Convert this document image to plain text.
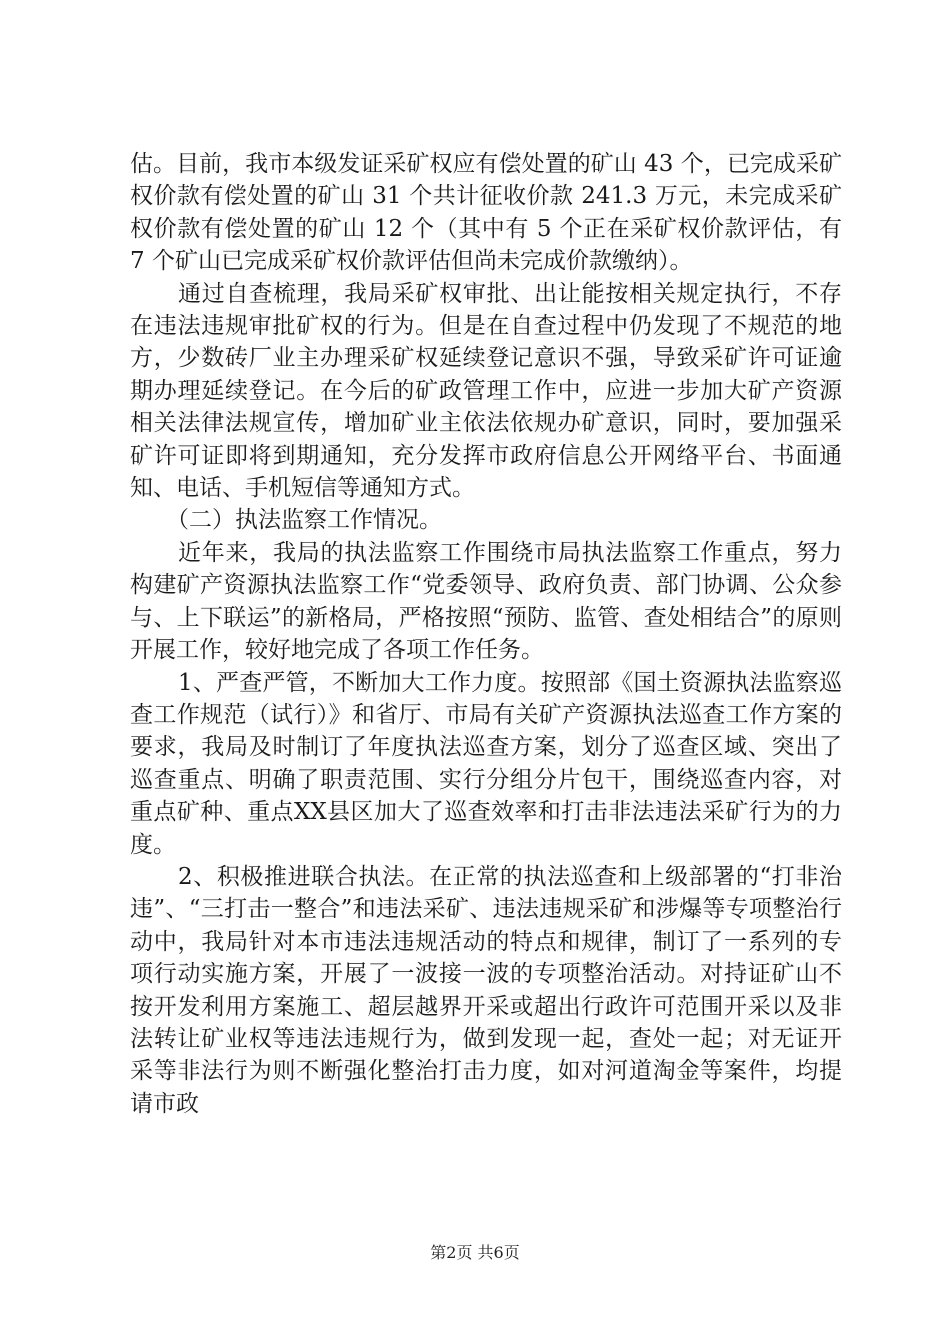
估。目前，我市本级发证采矿权应有偿处置的矿山 43 个，已完成采矿权价款有偿处置的矿山 31 个共计征收价款 241.3 万元，未完成采矿权价款有偿处置的矿山 12 个（其中有 5 个正在采矿权价款评估，有 7 个矿山已完成采矿权价款评估但尚未完成价款缴纳）。

通过自查梳理，我局采矿权审批、出让能按相关规定执行，不存在违法违规审批矿权的行为。但是在自查过程中仍发现了不规范的地方，少数砖厂业主办理采矿权延续登记意识不强，导致采矿许可证逾期办理延续登记。在今后的矿政管理工作中，应进一步加大矿产资源相关法律法规宣传，增加矿业主依法依规办矿意识，同时，要加强采矿许可证即将到期通知，充分发挥市政府信息公开网络平台、书面通知、电话、手机短信等通知方式。

（二）执法监察工作情况。

近年来，我局的执法监察工作围绕市局执法监察工作重点，努力构建矿产资源执法监察工作“党委领导、政府负责、部门协调、公众参与、上下联运”的新格局，严格按照“预防、监管、查处相结合”的原则开展工作，较好地完成了各项工作任务。

1、严查严管，不断加大工作力度。按照部《国土资源执法监察巡查工作规范（试行）》和省厅、市局有关矿产资源执法巡查工作方案的要求，我局及时制订了年度执法巡查方案，划分了巡查区域、突出了巡查重点、明确了职责范围、实行分组分片包干，围绕巡查内容，对重点矿种、重点XX县区加大了巡查效率和打击非法违法采矿行为的力度。

2、积极推进联合执法。在正常的执法巡查和上级部署的“打非治违”、“三打击一整合”和违法采矿、违法违规采矿和涉爆等专项整治行动中，我局针对本市违法违规活动的特点和规律，制订了一系列的专项行动实施方案，开展了一波接一波的专项整治活动。对持证矿山不按开发利用方案施工、超层越界开采或超出行政许可范围开采以及非法转让矿业权等违法违规行为，做到发现一起，查处一起；对无证开采等非法行为则不断强化整治打击力度，如对河道淘金等案件，均提请市政

第2页 共6页
